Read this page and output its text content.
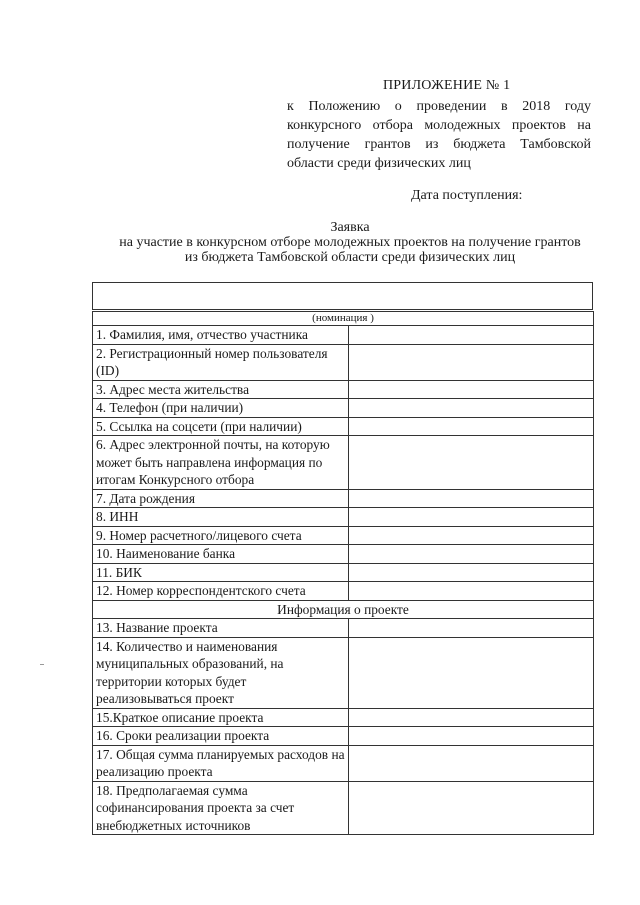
ПРИЛОЖЕНИЕ № 1
к Положению о проведении в 2018 году
конкурсного отбора молодежных проектов на
получение грантов из бюджета Тамбовской
области среди физических лиц
Дата поступления:
Заявка
на участие в конкурсном отборе молодежных проектов на получение грантов
из бюджета Тамбовской области среди физических лиц
(номинация )	
1. Фамилия, имя, отчество участника	
2. Регистрационный номер пользователя (ID)	
3. Адрес места жительства	
4. Телефон (при наличии)	
5. Ссылка на соцсети (при наличии)	
6. Адрес электронной почты, на которую может быть направлена информация по итогам Конкурсного отбора	
7. Дата рождения	
8. ИНН	
9. Номер расчетного/лицевого счета	
10. Наименование банка	
11. БИК	
12. Номер корреспондентского счета	
Информация о проекте	
13. Название проекта	
14. Количество и наименования муниципальных образований, на территории которых будет реализовываться проект	
15.Краткое описание проекта	
16. Сроки реализации проекта	
17. Общая сумма планируемых расходов на реализацию проекта	
18. Предполагаемая сумма софинансирования проекта за счет внебюджетных источников	
